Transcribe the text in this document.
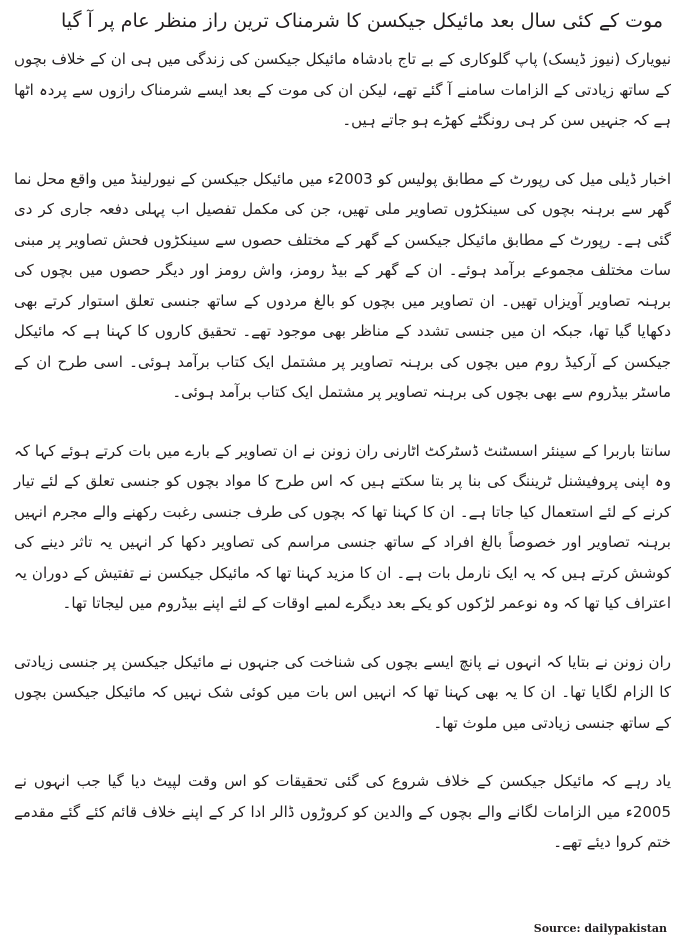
موت کے کئی سال بعد مائیکل جیکسن کا شرمناک ترین راز منظر عام پر آ گیا

نیویارک (نیوز ڈیسک) پاپ گلوکاری کے بے تاج بادشاہ مائیکل جیکسن کی زندگی میں ہی ان کے خلاف بچوں کے ساتھ زیادتی کے الزامات سامنے آ گئے تھے، لیکن ان کی موت کے بعد ایسے شرمناک رازوں سے پردہ اٹھا ہے کہ جنہیں سن کر ہی رونگٹے کھڑے ہو جاتے ہیں۔

اخبار ڈیلی میل کی رپورٹ کے مطابق پولیس کو 2003ء میں مائیکل جیکسن کے نیورلینڈ میں واقع محل نما گھر سے برہنہ بچوں کی سینکڑوں تصاویر ملی تھیں، جن کی مکمل تفصیل اب پہلی دفعہ جاری کر دی گئی ہے۔ رپورٹ کے مطابق مائیکل جیکسن کے گھر کے مختلف حصوں سے سینکڑوں فحش تصاویر پر مبنی سات مختلف مجموعے برآمد ہوئے۔ ان کے گھر کے بیڈ رومز، واش رومز اور دیگر حصوں میں بچوں کی برہنہ تصاویر آویزاں تھیں۔ ان تصاویر میں بچوں کو بالغ مردوں کے ساتھ جنسی تعلق استوار کرتے بھی دکھایا گیا تھا، جبکہ ان میں جنسی تشدد کے مناظر بھی موجود تھے۔ تحقیق کاروں کا کہنا ہے کہ مائیکل جیکسن کے آرکیڈ روم میں بچوں کی برہنہ تصاویر پر مشتمل ایک کتاب برآمد ہوئی۔ اسی طرح ان کے ماسٹر بیڈروم سے بھی بچوں کی برہنہ تصاویر پر مشتمل ایک کتاب برآمد ہوئی۔

سانتا باربرا کے سینئر اسسٹنٹ ڈسٹرکٹ اٹارنی ران زونن نے ان تصاویر کے بارے میں بات کرتے ہوئے کہا کہ وہ اپنی پروفیشنل ٹریننگ کی بنا پر بتا سکتے ہیں کہ اس طرح کا مواد بچوں کو جنسی تعلق کے لئے تیار کرنے کے لئے استعمال کیا جاتا ہے۔ ان کا کہنا تھا کہ بچوں کی طرف جنسی رغبت رکھنے والے مجرم انہیں برہنہ تصاویر اور خصوصاً بالغ افراد کے ساتھ جنسی مراسم کی تصاویر دکھا کر انہیں یہ تاثر دینے کی کوشش کرتے ہیں کہ یہ ایک نارمل بات ہے۔ ان کا مزید کہنا تھا کہ مائیکل جیکسن نے تفتیش کے دوران یہ اعتراف کیا تھا کہ وہ نوعمر لڑکوں کو یکے بعد دیگرے لمبے اوقات کے لئے اپنے بیڈروم میں لیجاتا تھا۔

ران زونن نے بتایا کہ انہوں نے پانچ ایسے بچوں کی شناخت کی جنہوں نے مائیکل جیکسن پر جنسی زیادتی کا الزام لگایا تھا۔ ان کا یہ بھی کہنا تھا کہ انہیں اس بات میں کوئی شک نہیں کہ مائیکل جیکسن بچوں کے ساتھ جنسی زیادتی میں ملوث تھا۔

یاد رہے کہ مائیکل جیکسن کے خلاف شروع کی گئی تحقیقات کو اس وقت لپیٹ دیا گیا جب انہوں نے 2005ء میں الزامات لگانے والے بچوں کے والدین کو کروڑوں ڈالر ادا کر کے اپنے خلاف قائم کئے گئے مقدمے ختم کروا دیئے تھے۔

Source: dailypakistan
